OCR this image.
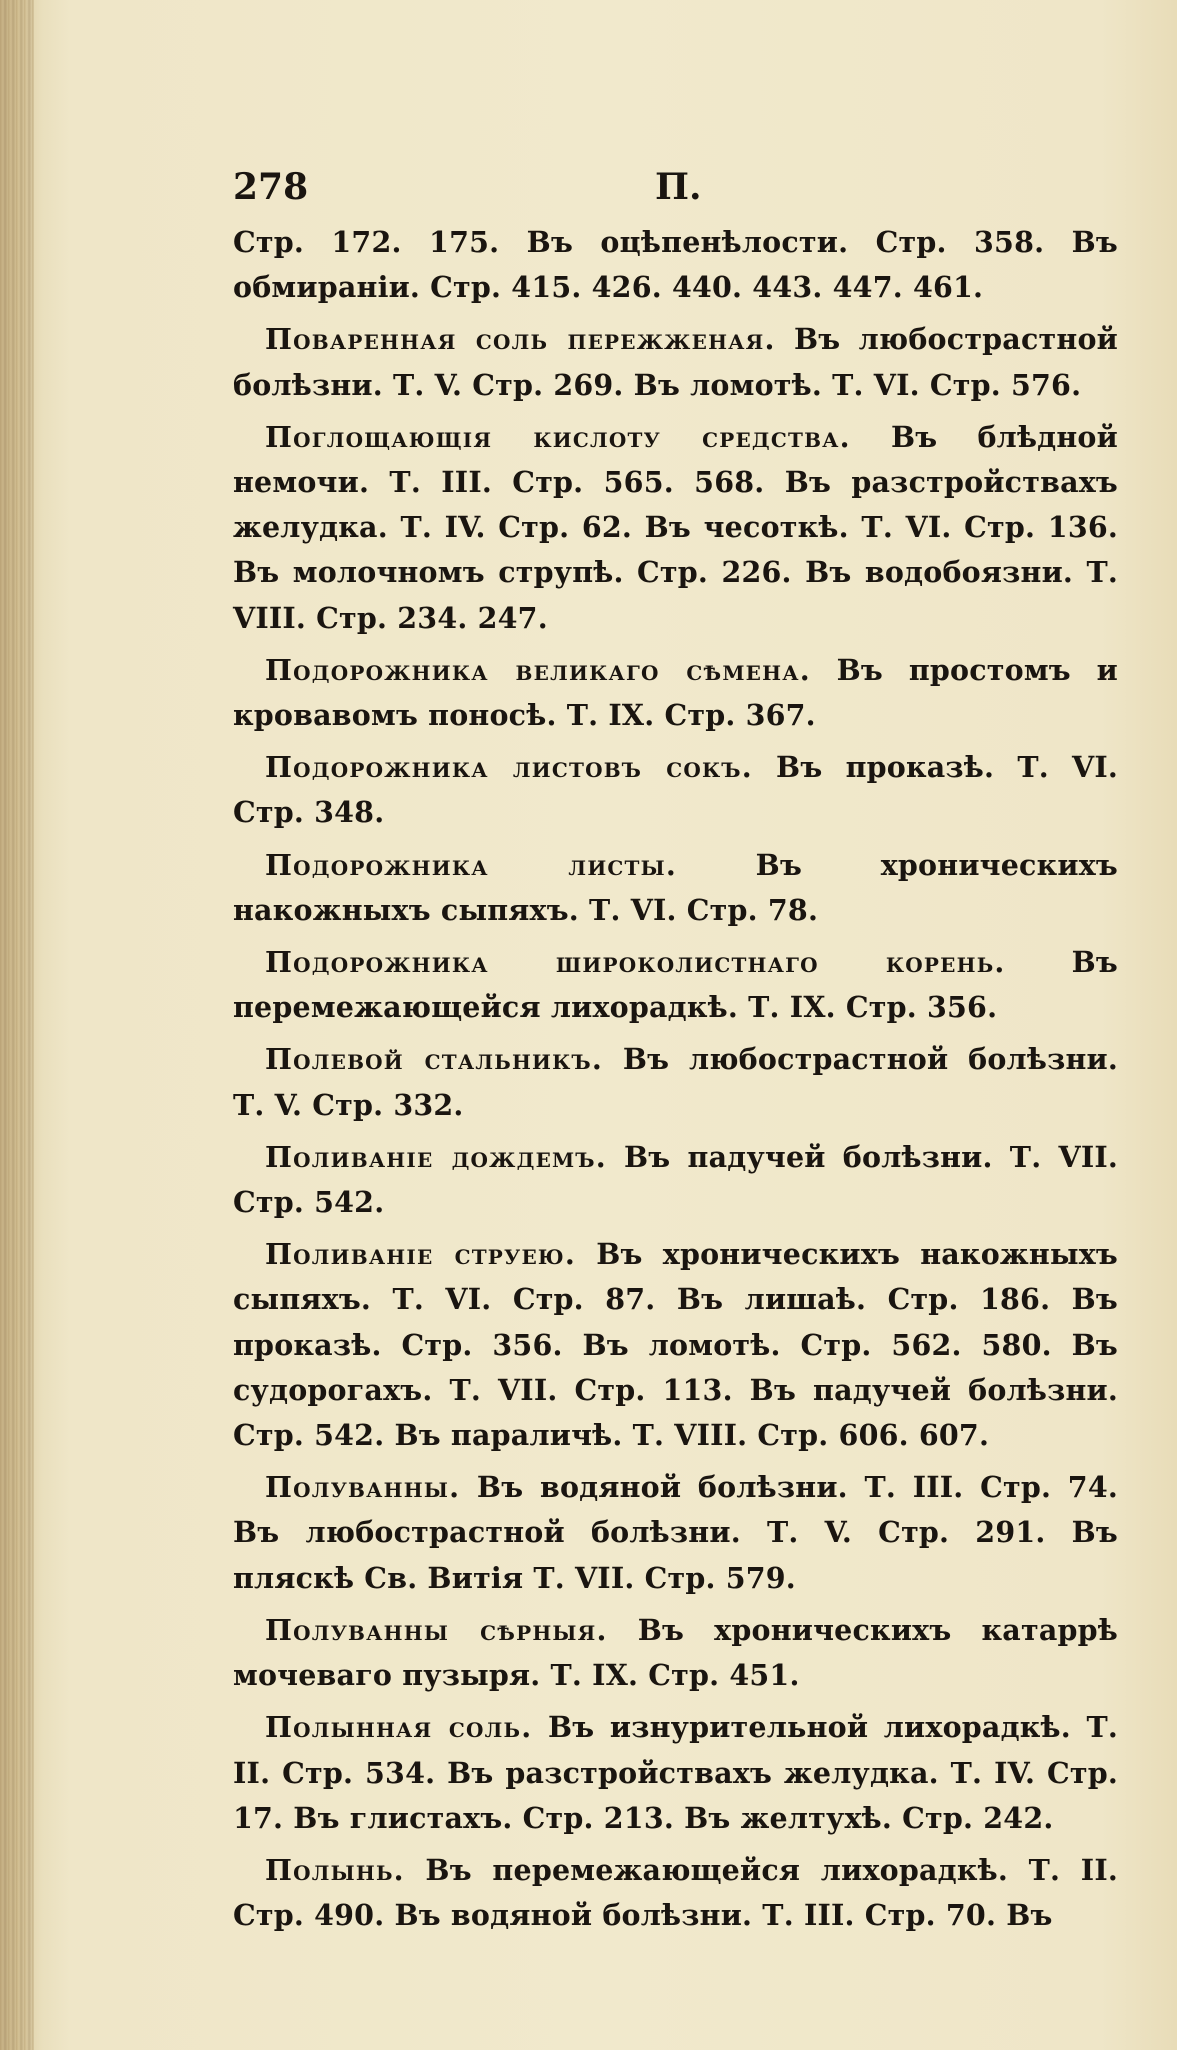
278	П.

Стр. 172. 175. Въ оцѣпенѣлости. Стр. 358. Въ обмиранiи. Стр. 415. 426. 440. 443. 447. 461.

Поваренная соль пережженая. Въ любострастной болѣзни. Т. V. Стр. 269. Въ ломотѣ. Т. VI. Стр. 576.

Поглощающiя кислоту средства. Въ блѣдной немочи. Т. III. Стр. 565. 568. Въ разстройствахъ желудка. Т. IV. Стр. 62. Въ чесоткѣ. Т. VI. Стр. 136. Въ молочномъ струпѣ. Стр. 226. Въ водобоязни. Т. VIII. Стр. 234. 247.

Подорожника великаго сѣмена. Въ простомъ и кровавомъ поносѣ. Т. IX. Стр. 367.

Подорожника листовъ сокъ. Въ проказѣ. Т. VI. Стр. 348.

Подорожника листы. Въ хроническихъ накожныхъ сыпяхъ. Т. VI. Стр. 78.

Подорожника широколистнаго корень. Въ перемежающейся лихорадкѣ. Т. IX. Стр. 356.

Полевой стальникъ. Въ любострастной болѣзни. Т. V. Стр. 332.

Поливанiе дождемъ. Въ падучей болѣзни. Т. VII. Стр. 542.

Поливанiе струею. Въ хроническихъ накожныхъ сыпяхъ. Т. VI. Стр. 87. Въ лишаѣ. Стр. 186. Въ проказѣ. Стр. 356. Въ ломотѣ. Стр. 562. 580. Въ судорогахъ. Т. VII. Стр. 113. Въ падучей болѣзни. Стр. 542. Въ параличѣ. Т. VIII. Стр. 606. 607.

Полуванны. Въ водяной болѣзни. Т. III. Стр. 74. Въ любострастной болѣзни. Т. V. Стр. 291. Въ пляскѣ Св. Витiя Т. VII. Стр. 579.

Полуванны сѣрныя. Въ хроническихъ катаррѣ мочеваго пузыря. Т. IX. Стр. 451.

Полынная соль. Въ изнурительной лихорадкѣ. Т. II. Стр. 534. Въ разстройствахъ желудка. Т. IV. Стр. 17. Въ глистахъ. Стр. 213. Въ желтухѣ. Стр. 242.

Полынь. Въ перемежающейся лихорадкѣ. Т. II. Стр. 490. Въ водяной болѣзни. Т. III. Стр. 70. Въ
